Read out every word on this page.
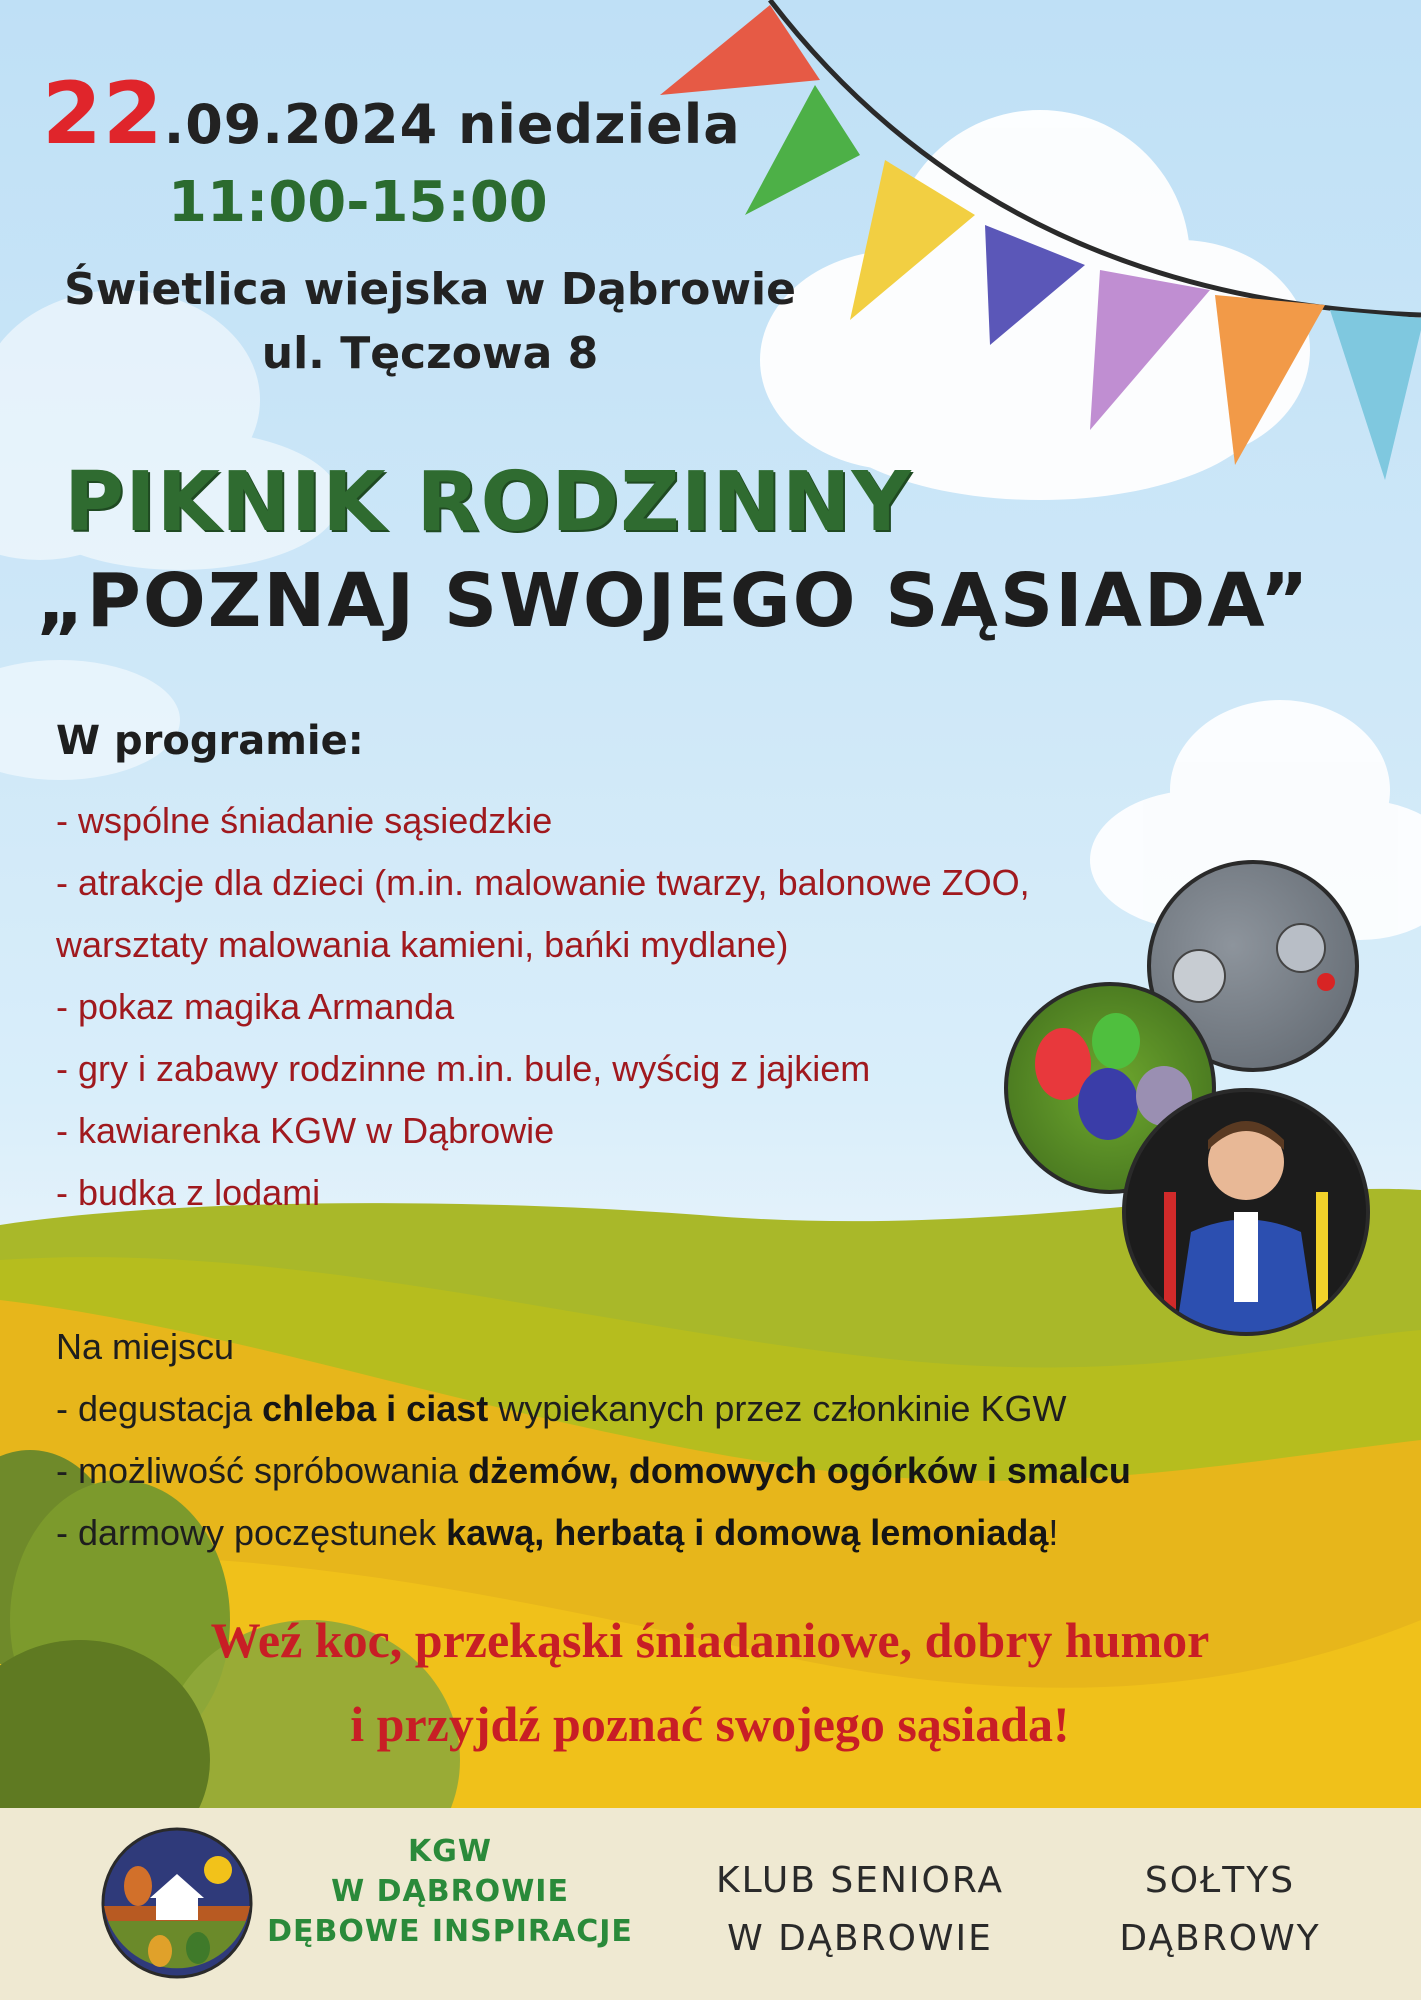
22.09.2024 niedziela
11:00-15:00
Świetlica wiejska w Dąbrowie
ul. Tęczowa 8
PIKNIK RODZINNY
„POZNAJ SWOJEGO SĄSIADA”
W programie:
- wspólne śniadanie sąsiedzkie
- atrakcje dla dzieci (m.in. malowanie twarzy, balonowe ZOO,
warsztaty malowania kamieni, bańki mydlane)
- pokaz magika Armanda
- gry i zabawy rodzinne m.in. bule, wyścig z jajkiem
- kawiarenka KGW w Dąbrowie
- budka z lodami
Na miejscu
- degustacja chleba i ciast wypiekanych przez członkinie KGW
- możliwość spróbowania dżemów, domowych ogórków i smalcu
- darmowy poczęstunek kawą, herbatą i domową lemoniadą!
Weź koc, przekąski śniadaniowe, dobry humor
i przyjdź poznać swojego sąsiada!
KGW
W DĄBROWIE
DĘBOWE INSPIRACJE
KLUB SENIORA
W DĄBROWIE
SOŁTYS
DĄBROWY
